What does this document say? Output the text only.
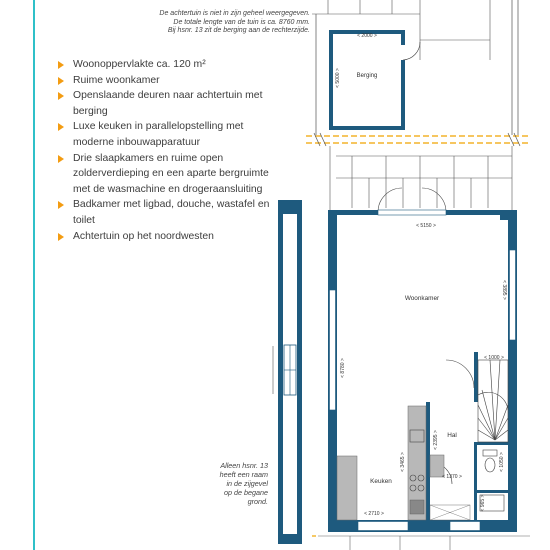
De achtertuin is niet in zijn geheel weergegeven.
De totale lengte van de tuin is ca. 8760 mm.
Bij hsnr. 13 zit de berging aan de rechterzijde.
Woonoppervlakte ca. 120 m²
Ruime woonkamer
Openslaande deuren naar achtertuin met berging
Luxe keuken in parallelopstelling met moderne inbouwapparatuur
Drie slaapkamers en ruime open zolderverdieping en een aparte bergruimte met de wasmachine en drogeraansluiting
Badkamer met ligbad, douche, wastafel en toilet
Achtertuin op het noordwesten
Alleen hsnr. 13
heeft een raam
in de zijgevel
op de begane
grond.
Berging
< 2000 >
< 5000 >
Woonkamer
Hal
Keuken
< 5150 >
< 3895 >
< 8780 >
< 1000 >
< 3465 >
< 2395 >
< 1370 >
< 2710 >
< 1050 >
< 965 >
